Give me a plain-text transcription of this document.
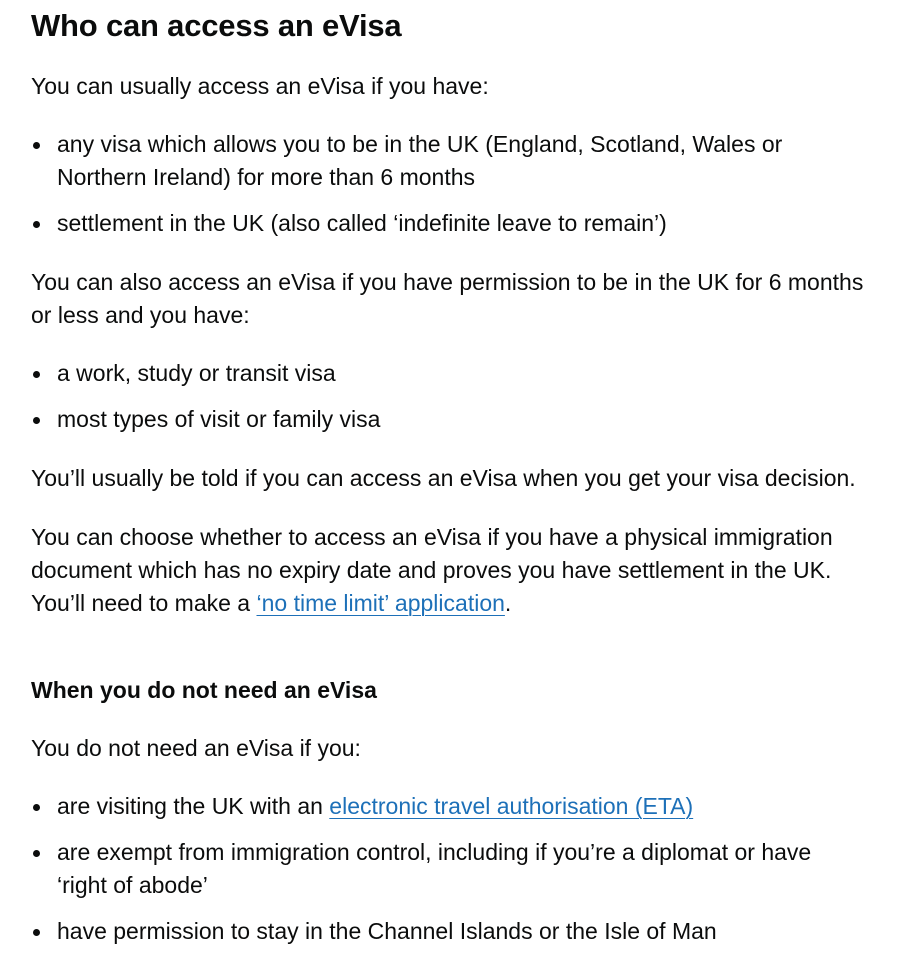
Who can access an eVisa

You can usually access an eVisa if you have:

any visa which allows you to be in the UK (England, Scotland, Wales or Northern Ireland) for more than 6 months
settlement in the UK (also called ‘indefinite leave to remain’)

You can also access an eVisa if you have permission to be in the UK for 6 months or less and you have:

a work, study or transit visa
most types of visit or family visa

You’ll usually be told if you can access an eVisa when you get your visa decision.

You can choose whether to access an eVisa if you have a physical immigration document which has no expiry date and proves you have settlement in the UK. You’ll need to make a ‘no time limit’ application.

When you do not need an eVisa

You do not need an eVisa if you:

are visiting the UK with an electronic travel authorisation (ETA)
are exempt from immigration control, including if you’re a diplomat or have ‘right of abode’
have permission to stay in the Channel Islands or the Isle of Man
